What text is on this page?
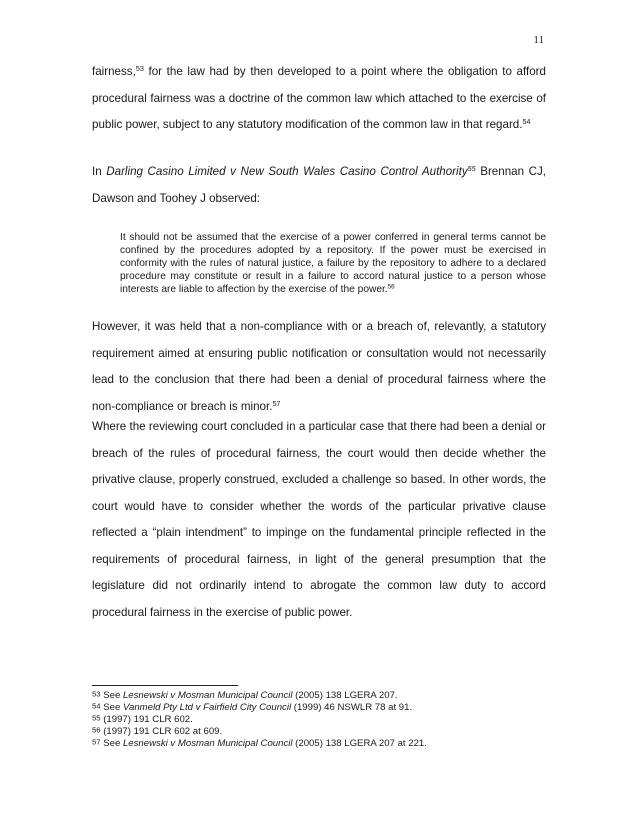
11

fairness,$^{53}$ for the law had by then developed to a point where the obligation to afford procedural fairness was a doctrine of the common law which attached to the exercise of public power, subject to any statutory modification of the common law in that regard.$^{54}$

In Darling Casino Limited v New South Wales Casino Control Authority$^{55}$ Brennan CJ, Dawson and Toohey J observed:

It should not be assumed that the exercise of a power conferred in general terms cannot be confined by the procedures adopted by a repository. If the power must be exercised in conformity with the rules of natural justice, a failure by the repository to adhere to a declared procedure may constitute or result in a failure to accord natural justice to a person whose interests are liable to affection by the exercise of the power.$^{56}$

However, it was held that a non-compliance with or a breach of, relevantly, a statutory requirement aimed at ensuring public notification or consultation would not necessarily lead to the conclusion that there had been a denial of procedural fairness where the non-compliance or breach is minor.$^{57}$

Where the reviewing court concluded in a particular case that there had been a denial or breach of the rules of procedural fairness, the court would then decide whether the privative clause, properly construed, excluded a challenge so based. In other words, the court would have to consider whether the words of the particular privative clause reflected a “plain intendment” to impinge on the fundamental principle reflected in the requirements of procedural fairness, in light of the general presumption that the legislature did not ordinarily intend to abrogate the common law duty to accord procedural fairness in the exercise of public power.

$^{53}$ See Lesnewski v Mosman Municipal Council (2005) 138 LGERA 207.
$^{54}$ See Vanmeld Pty Ltd v Fairfield City Council (1999) 46 NSWLR 78 at 91.
$^{55}$ (1997) 191 CLR 602.
$^{56}$ (1997) 191 CLR 602 at 609.
$^{57}$ See Lesnewski v Mosman Municipal Council (2005) 138 LGERA 207 at 221.
